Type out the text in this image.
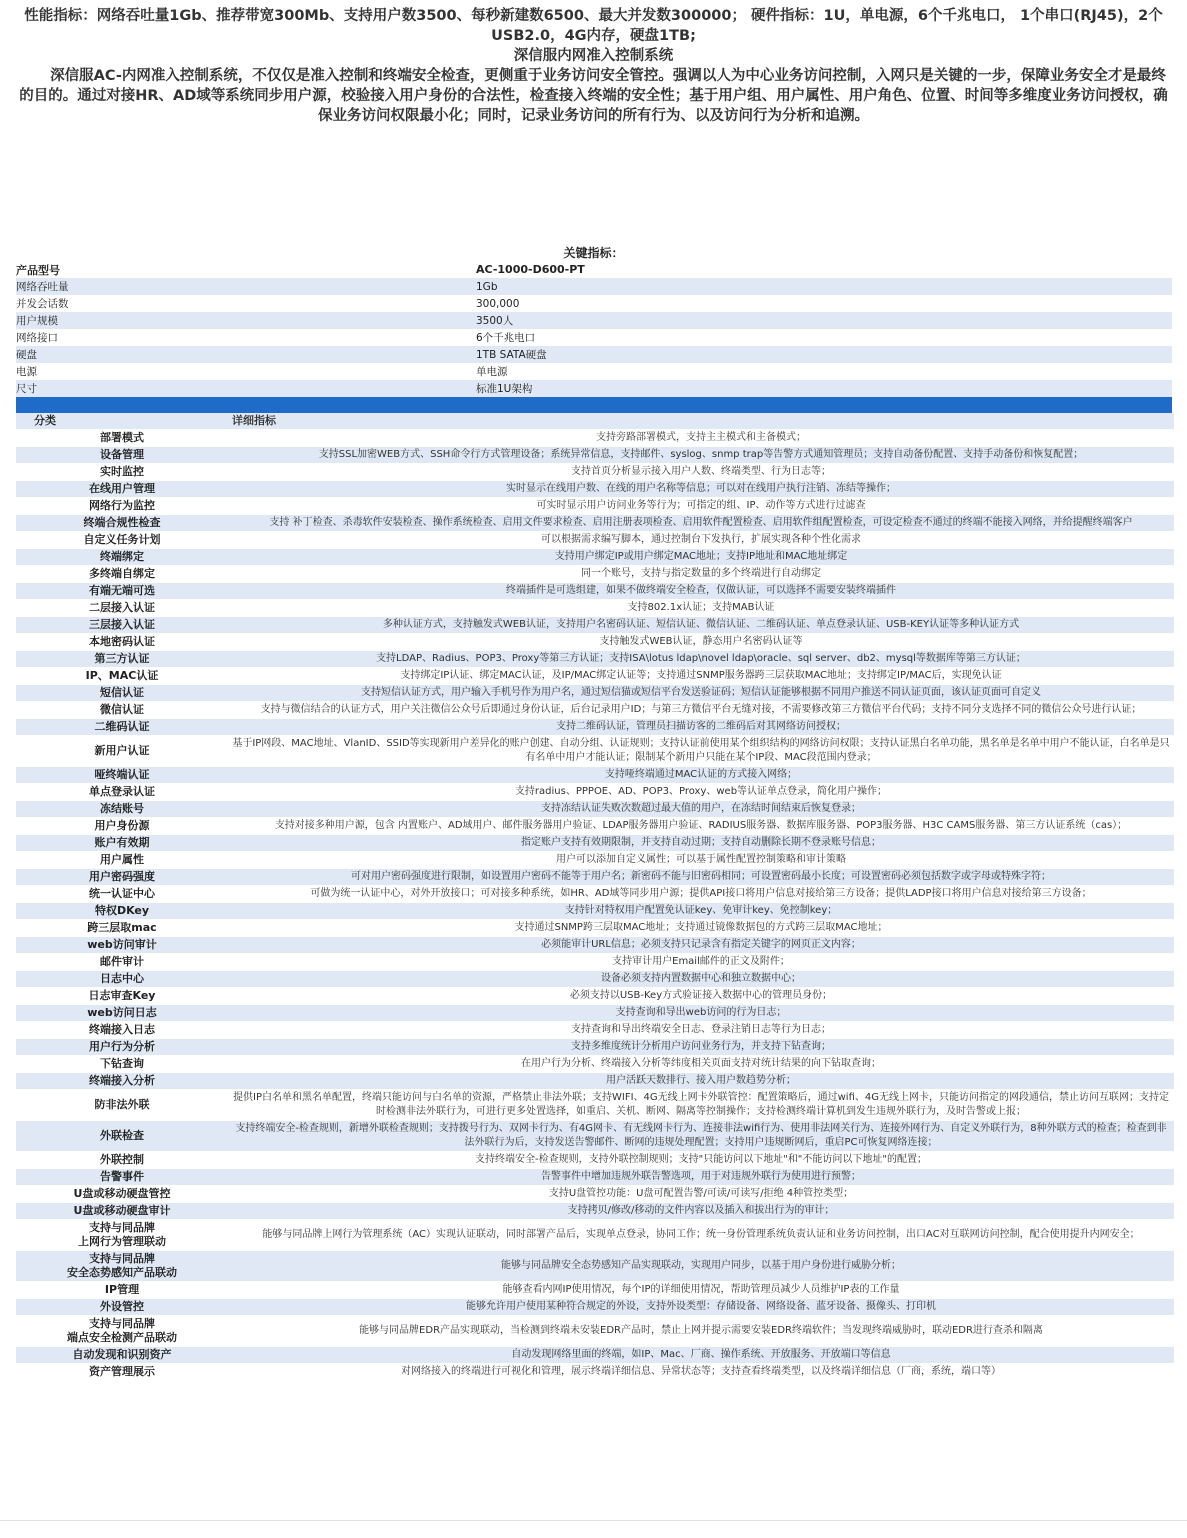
性能指标：网络吞吐量1Gb、推荐带宽300Mb、支持用户数3500、每秒新建数6500、最大并发数300000； 硬件指标：1U，单电源，6个千兆电口， 1个串口(RJ45)，2个USB2.0，4G内存，硬盘1TB;

深信服内网准入控制系统

深信服AC-内网准入控制系统，不仅仅是准入控制和终端安全检查，更侧重于业务访问安全管控。强调以人为中心业务访问控制，入网只是关键的一步，保障业务安全才是最终的目的。通过对接HR、AD域等系统同步用户源，校验接入用户身份的合法性，检查接入终端的安全性；基于用户组、用户属性、用户角色、位置、时间等多维度业务访问授权，确保业务访问权限最小化；同时，记录业务访问的所有行为、以及访问行为分析和追溯。

关键指标：
产品型号	AC-1000-D600-PT
网络吞吐量	1Gb
并发会话数	300,000
用户规模	3500人
网络接口	6个千兆电口
硬盘	1TB SATA硬盘
电源	单电源
尺寸	标准1U架构
分类	详细指标
部署模式	支持旁路部署模式，支持主主模式和主备模式；
设备管理	支持SSL加密WEB方式、SSH命令行方式管理设备；系统异常信息，支持邮件、syslog、snmp trap等告警方式通知管理员；支持自动备份配置、支持手动备份和恢复配置；
实时监控	支持首页分析显示接入用户人数、终端类型、行为日志等；
在线用户管理	实时显示在线用户数、在线的用户名称等信息；可以对在线用户执行注销、冻结等操作；
网络行为监控	可实时显示用户访问业务等行为；可指定的组、IP、动作等方式进行过滤查
终端合规性检查	支持 补丁检查、杀毒软件安装检查、操作系统检查、启用文件要求检查、启用注册表项检查、启用软件配置检查、启用软件组配置检查，可设定检查不通过的终端不能接入网络，并给提醒终端客户
自定义任务计划	可以根据需求编写脚本，通过控制台下发执行，扩展实现各种个性化需求
终端绑定	支持用户绑定IP或用户绑定MAC地址；支持IP地址和MAC地址绑定
多终端自绑定	同一个账号，支持与指定数量的多个终端进行自动绑定
有端无端可选	终端插件是可选组建，如果不做终端安全检查，仅做认证，可以选择不需要安装终端插件
二层接入认证	支持802.1x认证；支持MAB认证
三层接入认证	多种认证方式，支持触发式WEB认证，支持用户名密码认证、短信认证、微信认证、二维码认证、单点登录认证、USB-KEY认证等多种认证方式
本地密码认证	支持触发式WEB认证，静态用户名密码认证等
第三方认证	支持LDAP、Radius、POP3、Proxy等第三方认证；支持ISA\lotus ldap\novel ldap\oracle、sql server、db2、mysql等数据库等第三方认证；
IP、MAC认证	支持绑定IP认证、绑定MAC认证，及IP/MAC绑定认证等；支持通过SNMP服务器跨三层获取MAC地址；支持绑定IP/MAC后，实现免认证
短信认证	支持短信认证方式，用户输入手机号作为用户名，通过短信猫或短信平台发送验证码；短信认证能够根据不同用户推送不同认证页面，该认证页面可自定义
微信认证	支持与微信结合的认证方式，用户关注微信公众号后即通过身份认证，后台记录用户ID；与第三方微信平台无缝对接，不需要修改第三方微信平台代码；支持不同分支选择不同的微信公众号进行认证；
二维码认证	支持二维码认证，管理员扫描访客的二维码后对其网络访问授权；
新用户认证	基于IP网段、MAC地址、VlanID、SSID等实现新用户差异化的账户创建、自动分组、认证规则；支持认证前使用某个组织结构的网络访问权限；支持认证黑白名单功能，黑名单是名单中用户不能认证，白名单是只有名单中用户才能认证；限制某个新用户只能在某个IP段、MAC段范围内登录；
哑终端认证	支持哑终端通过MAC认证的方式接入网络；
单点登录认证	支持radius、PPPOE、AD、POP3、Proxy、web等认证单点登录，简化用户操作；
冻结账号	支持冻结认证失败次数超过最大值的用户，在冻结时间结束后恢复登录；
用户身份源	支持对接多种用户源，包含 内置账户、AD域用户、邮件服务器用户验证、LDAP服务器用户验证、RADIUS服务器、数据库服务器、POP3服务器、H3C CAMS服务器、第三方认证系统（cas）；
账户有效期	指定账户支持有效期限制，并支持自动过期；支持自动删除长期不登录账号信息；
用户属性	用户可以添加自定义属性；可以基于属性配置控制策略和审计策略
用户密码强度	可对用户密码强度进行限制，如设置用户密码不能等于用户名；新密码不能与旧密码相同；可设置密码最小长度；可设置密码必须包括数字或字母或特殊字符；
统一认证中心	可做为统一认证中心，对外开放接口；可对接多种系统，如HR、AD域等同步用户源；提供API接口将用户信息对接给第三方设备；提供LADP接口将用户信息对接给第三方设备；
特权DKey	支持针对特权用户配置免认证key、免审计key、免控制key；
跨三层取mac	支持通过SNMP跨三层取MAC地址；支持通过镜像数据包的方式跨三层取MAC地址；
web访问审计	必须能审计URL信息；必须支持只记录含有指定关键字的网页正文内容；
邮件审计	支持审计用户Email邮件的正文及附件；
日志中心	设备必须支持内置数据中心和独立数据中心；
日志审查Key	必须支持以USB-Key方式验证接入数据中心的管理员身份；
web访问日志	支持查询和导出web访问的行为日志；
终端接入日志	支持查询和导出终端安全日志、登录注销日志等行为日志；
用户行为分析	支持多维度统计分析用户访问业务行为，并支持下钻查询；
下钻查询	在用户行为分析、终端接入分析等纬度相关页面支持对统计结果的向下钻取查询；
终端接入分析	用户活跃天数排行、接入用户数趋势分析；
防非法外联	提供IP白名单和黑名单配置，终端只能访问与白名单的资源，严格禁止非法外联；支持WIFI、4G无线上网卡外联管控：配置策略后，通过wifi、4G无线上网卡，只能访问指定的网段通信，禁止访问互联网；支持定时检测非法外联行为，可进行更多处置选择，如重启、关机、断网、隔离等控制操作；支持检测终端计算机到发生违规外联行为，及时告警或上报；
外联检查	支持终端安全-检查规则，新增外联检查规则；支持拨号行为、双网卡行为、有4G网卡、有无线网卡行为、连接非法wifi行为、使用非法网关行为、连接外网行为、自定义外联行为，8种外联方式的检查；检查到非法外联行为后，支持发送告警邮件、断网的违规处理配置；支持用户违规断网后，重启PC可恢复网络连接；
外联控制	支持终端安全-检查规则，支持外联控制规则；支持"只能访问以下地址"和"不能访问以下地址"的配置；
告警事件	告警事件中增加违规外联告警选项，用于对违规外联行为使用进行预警；
U盘或移动硬盘管控	支持U盘管控功能：U盘可配置告警/可读/可读写/拒绝 4种管控类型；
U盘或移动硬盘审计	支持拷贝/修改/移动的文件内容以及插入和拔出行为的审计；
支持与同品牌
上网行为管理联动	能够与同品牌上网行为管理系统（AC）实现认证联动，同时部署产品后，实现单点登录，协同工作；统一身份管理系统负责认证和业务访问控制，出口AC对互联网访问控制，配合使用提升内网安全；
支持与同品牌
安全态势感知产品联动	能够与同品牌安全态势感知产品实现联动，实现用户同步，以基于用户身份进行威胁分析；
IP管理	能够查看内网IP使用情况，每个IP的详细使用情况，帮助管理员减少人员维护IP表的工作量
外设管控	能够允许用户使用某种符合规定的外设，支持外设类型：存储设备、网络设备、蓝牙设备、摄像头、打印机
支持与同品牌
端点安全检测产品联动	能够与同品牌EDR产品实现联动，当检测到终端未安装EDR产品时，禁止上网并提示需要安装EDR终端软件；当发现终端威胁时，联动EDR进行查杀和隔离
自动发现和识别资产	自动发现网络里面的终端，如IP、Mac、厂商、操作系统、开放服务、开放端口等信息
资产管理展示	对网络接入的终端进行可视化和管理，展示终端详细信息、异常状态等；支持查看终端类型，以及终端详细信息（厂商，系统，端口等）
